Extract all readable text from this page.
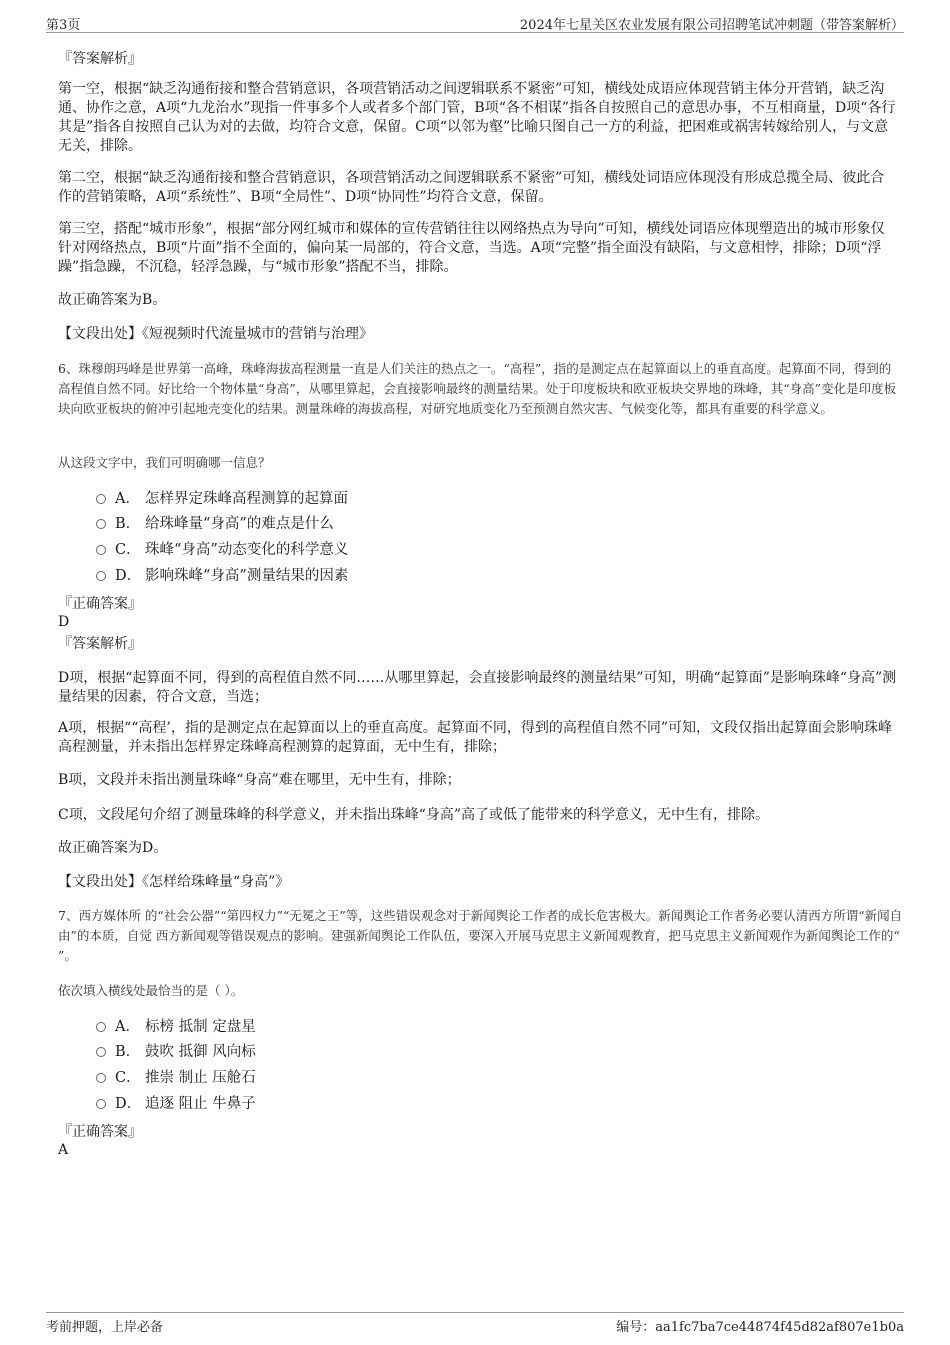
第3页	2024年七星关区农业发展有限公司招聘笔试冲刺题（带答案解析）

『答案解析』

第一空，根据“缺乏沟通衔接和整合营销意识，各项营销活动之间逻辑联系不紧密”可知，横线处成语应体现营销主体分开营销，缺乏沟通、协作之意，A项“九龙治水”现指一件事多个人或者多个部门管，B项“各不相谋”指各自按照自己的意思办事，不互相商量，D项“各行其是”指各自按照自己认为对的去做，均符合文意，保留。C项“以邻为壑”比喻只图自己一方的利益，把困难或祸害转嫁给别人，与文意无关，排除。

第二空，根据“缺乏沟通衔接和整合营销意识，各项营销活动之间逻辑联系不紧密”可知，横线处词语应体现没有形成总揽全局、彼此合作的营销策略，A项“系统性”、B项“全局性”、D项“协同性”均符合文意，保留。

第三空，搭配“城市形象”，根据“部分网红城市和媒体的宣传营销往往以网络热点为导向”可知，横线处词语应体现塑造出的城市形象仅针对网络热点，B项“片面”指不全面的，偏向某一局部的，符合文意，当选。A项“完整”指全面没有缺陷，与文意相悖，排除；D项“浮躁”指急躁，不沉稳，轻浮急躁，与“城市形象”搭配不当，排除。

故正确答案为B。

【文段出处】《短视频时代流量城市的营销与治理》

6、珠穆朗玛峰是世界第一高峰，珠峰海拔高程测量一直是人们关注的热点之一。“高程”，指的是测定点在起算面以上的垂直高度。起算面不同，得到的高程值自然不同。好比给一个物体量“身高”，从哪里算起，会直接影响最终的测量结果。处于印度板块和欧亚板块交界地的珠峰，其“身高”变化是印度板块向欧亚板块的俯冲引起地壳变化的结果。测量珠峰的海拔高程，对研究地质变化乃至预测自然灾害、气候变化等，都具有重要的科学意义。

从这段文字中，我们可明确哪一信息？

A． 怎样界定珠峰高程测算的起算面
B． 给珠峰量“身高”的难点是什么
C． 珠峰“身高”动态变化的科学意义
D． 影响珠峰“身高”测量结果的因素

『正确答案』

D

『答案解析』

D项，根据“起算面不同，得到的高程值自然不同……从哪里算起，会直接影响最终的测量结果”可知，明确“起算面”是影响珠峰“身高”测量结果的因素，符合文意，当选；

A项，根据““高程’，指的是测定点在起算面以上的垂直高度。起算面不同，得到的高程值自然不同”可知，文段仅指出起算面会影响珠峰高程测量，并未指出怎样界定珠峰高程测算的起算面，无中生有，排除；

B项，文段并未指出测量珠峰“身高”难在哪里，无中生有，排除；

C项，文段尾句介绍了测量珠峰的科学意义，并未指出珠峰“身高”高了或低了能带来的科学意义，无中生有，排除。

故正确答案为D。

【文段出处】《怎样给珠峰量“身高”》

7、西方媒体所 的“社会公器”“第四权力”“无冕之王”等，这些错误观念对于新闻舆论工作者的成长危害极大。新闻舆论工作者务必要认清西方所谓“新闻自由”的本质，自觉 西方新闻观等错误观点的影响。建强新闻舆论工作队伍，要深入开展马克思主义新闻观教育，把马克思主义新闻观作为新闻舆论工作的“ ”。

依次填入横线处最恰当的是（ ）。

A． 标榜 抵制 定盘星
B． 鼓吹 抵御 风向标
C． 推崇 制止 压舱石
D． 追逐 阻止 牛鼻子

『正确答案』

A

考前押题，上岸必备	编号：aa1fc7ba7ce44874f45d82af807e1b0a
